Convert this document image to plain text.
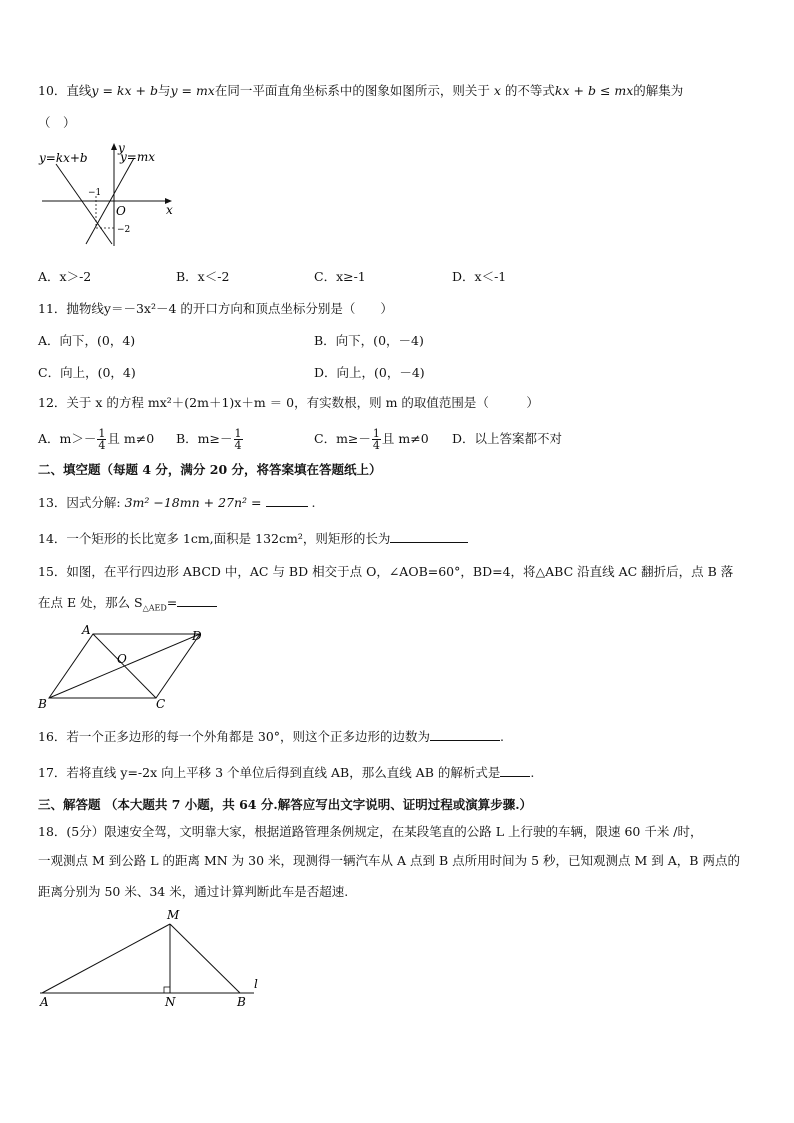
10．直线y = kx + b与y = mx在同一平面直角坐标系中的图象如图所示，则关于 x 的不等式kx + b ≤ mx的解集为
（　）
y=kx+b	y=mx
y
x
O
−1
−2
A．x＞-2	B．x＜-2	C．x≥-1	D．x＜-1
11．抛物线y＝－3x²－4 的开口方向和顶点坐标分别是（　　）
A．向下，(0，4)	B．向下，(0，－4)
C．向上，(0，4)	D．向上，(0，－4)
12．关于 x 的方程 mx²＋(2m＋1)x＋m ＝ 0，有实数根，则 m 的取值范围是（　　　）
A．$m>- \frac{1}{4}$ 且 m≠0 B．$m\ge- \frac{1}{4}$	C．$m\ge- \frac{1}{4}$ 且 m≠0 D．以上答案都不对
二、填空题（每题 4 分，满分 20 分，将答案填在答题纸上）
13．因式分解: 3m² −18mn + 27n² =	.
14．一个矩形的长比宽多 1cm,面积是 132cm²，则矩形的长为
15．如图，在平行四边形 ABCD 中，AC 与 BD 相交于点 O，∠AOB=60°，BD=4，将△ABC 沿直线 AC 翻折后，点 B 落
在点 E 处，那么 $S_{\triangle AED}=$
A	D
B	C
O
16．若一个正多边形的每一个外角都是 30°，则这个正多边形的边数为	.
17．若将直线 y=-2x 向上平移 3 个单位后得到直线 AB，那么直线 AB 的解析式是 .
三、解答题 （本大题共 7 小题，共 64 分.解答应写出文字说明、证明过程或演算步骤.）
18．(5分）限速安全驾，文明靠大家，根据道路管理条例规定，在某段笔直的公路 L 上行驶的车辆，限速 60 千米 /时，
一观测点 M 到公路 L 的距离 MN 为 30 米，现测得一辆汽车从 A 点到 B 点所用时间为 5 秒，已知观测点 M 到 A，B 两点的
距离分别为 50 米、34 米，通过计算判断此车是否超速.
M
A	N	B
l
